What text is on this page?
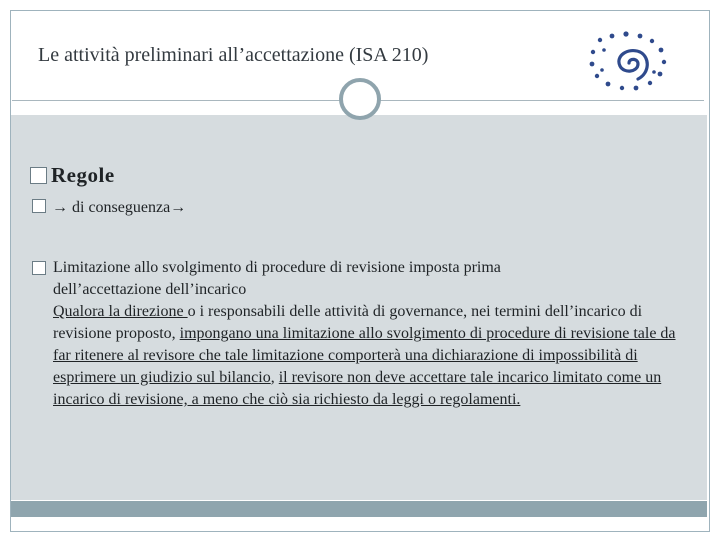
Le attività preliminari all’accettazione (ISA 210)
Regole
→ di conseguenza→
Limitazione allo svolgimento di procedure di revisione imposta prima
dell’accettazione dell’incarico
Qualora la direzione o i responsabili delle attività di governance, nei termini dell’incarico di revisione proposto, impongano una limitazione allo svolgimento di procedure di revisione tale da far ritenere al revisore che tale limitazione comporterà una dichiarazione di impossibilità di esprimere un giudizio sul bilancio, il revisore non deve accettare tale incarico limitato come un incarico di revisione, a meno che ciò sia richiesto da leggi o regolamenti.
